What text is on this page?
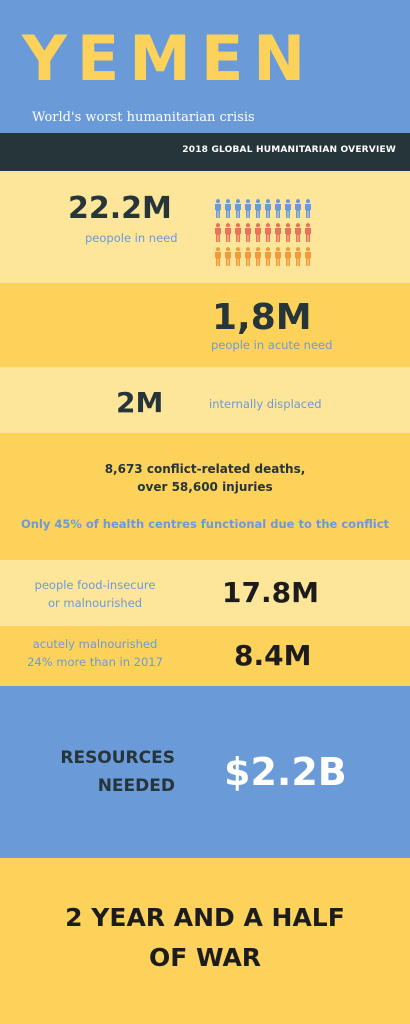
YEMEN
World's worst humanitarian crisis
2018 GLOBAL HUMANITARIAN OVERVIEW
22.2M
peopole in need
1,8M
people in acute need
2M	internally displaced
8,673 conflict-related deaths,
over 58,600 injuries
Only 45% of health centres functional due to the conflict
people food-insecure
or malnourished	17.8M
acutely malnourished
24% more than in 2017	8.4M
RESOURCES
NEEDED $2.2B
2 YEAR AND A HALF
OF WAR
